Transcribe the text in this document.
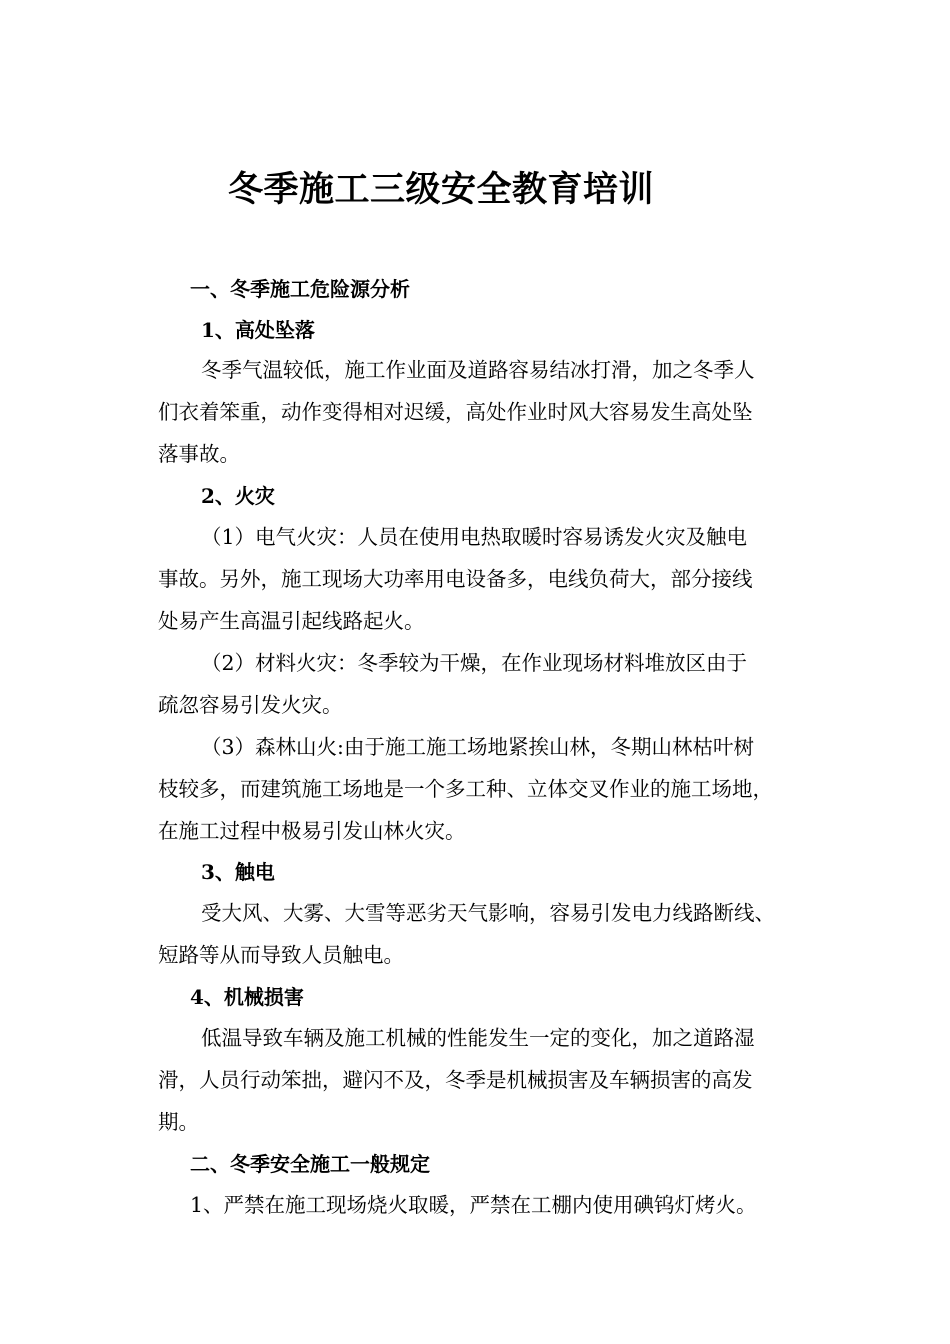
冬季施工三级安全教育培训
一、冬季施工危险源分析
1、高处坠落
冬季气温较低，施工作业面及道路容易结冰打滑，加之冬季人
们衣着笨重，动作变得相对迟缓，高处作业时风大容易发生高处坠
落事故。
2、火灾
（1）电气火灾：人员在使用电热取暖时容易诱发火灾及触电
事故。另外，施工现场大功率用电设备多，电线负荷大，部分接线
处易产生高温引起线路起火。
（2）材料火灾：冬季较为干燥，在作业现场材料堆放区由于
疏忽容易引发火灾。
（3）森林山火:由于施工施工场地紧挨山林，冬期山林枯叶树
枝较多，而建筑施工场地是一个多工种、立体交叉作业的施工场地，
在施工过程中极易引发山林火灾。
3、触电
受大风、大雾、大雪等恶劣天气影响，容易引发电力线路断线、
短路等从而导致人员触电。
4、机械损害
低温导致车辆及施工机械的性能发生一定的变化，加之道路湿
滑，人员行动笨拙，避闪不及，冬季是机械损害及车辆损害的高发
期。
二、冬季安全施工一般规定
1、严禁在施工现场烧火取暖，严禁在工棚内使用碘钨灯烤火。
